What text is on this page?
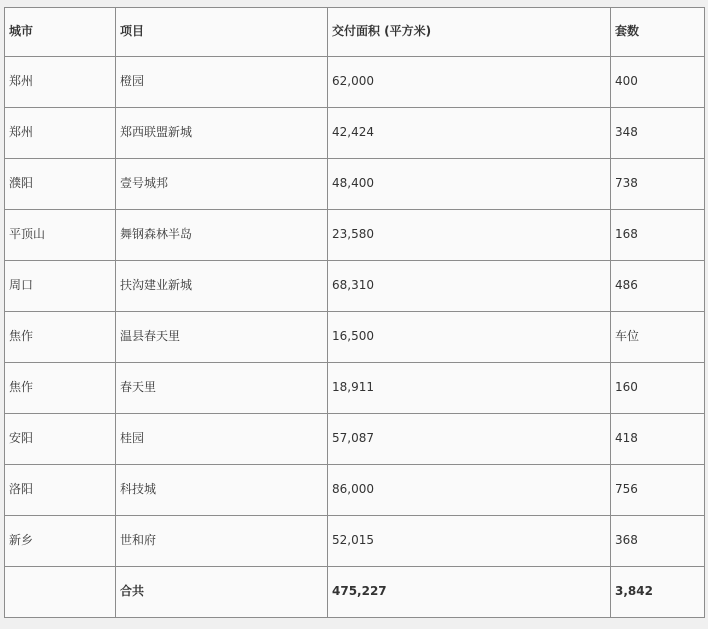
城市	项目	交付面积 (平方米)	套数
郑州	橙园	62,000	400
郑州	郑西联盟新城	42,424	348
濮阳	壹号城邦	48,400	738
平顶山	舞钢森林半岛	23,580	168
周口	扶沟建业新城	68,310	486
焦作	温县春天里	16,500	车位
焦作	春天里	18,911	160
安阳	桂园	57,087	418
洛阳	科技城	86,000	756
新乡	世和府	52,015	368
	合共	475,227	3,842
